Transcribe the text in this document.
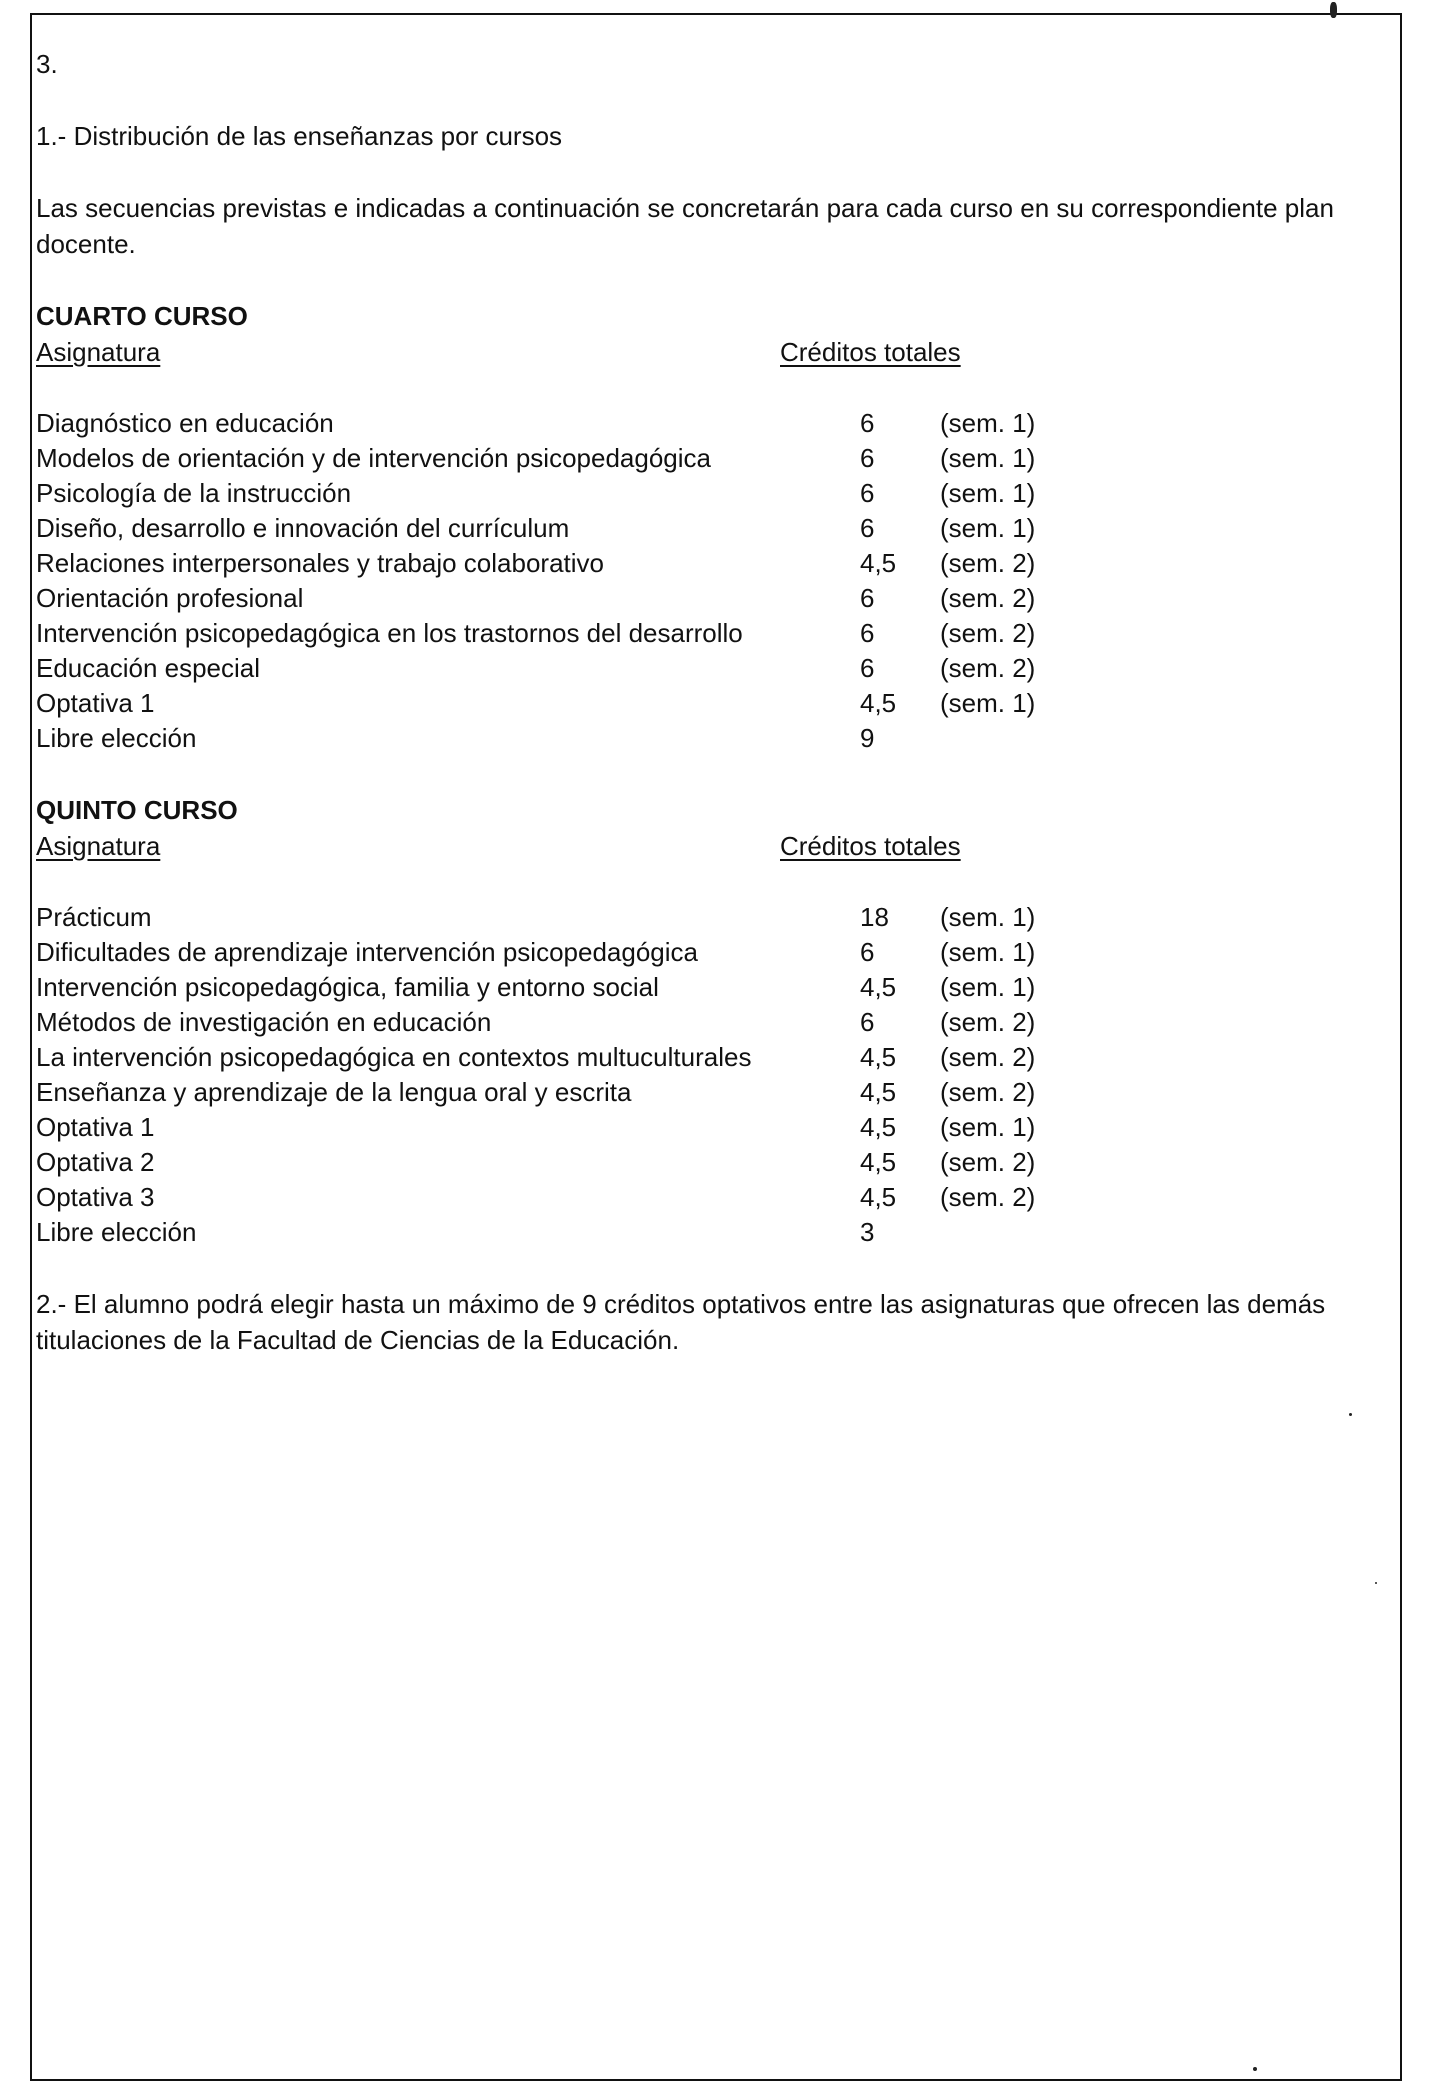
3.

1.- Distribución de las enseñanzas por cursos

Las secuencias previstas e indicadas a continuación se concretarán para cada curso en su correspondiente plan docente.

CUARTO CURSO

Asignatura	Créditos totales
Diagnóstico en educación	6	(sem. 1)
Modelos de orientación y de intervención psicopedagógica	6	(sem. 1)
Psicología de la instrucción	6	(sem. 1)
Diseño, desarrollo e innovación del currículum	6	(sem. 1)
Relaciones interpersonales y trabajo colaborativo	4,5 (sem. 2)
Orientación profesional	6	(sem. 2)
Intervención psicopedagógica en los trastornos del desarrollo	6	(sem. 2)
Educación especial	6	(sem. 2)
Optativa 1	4,5 (sem. 1)
Libre elección	9

QUINTO CURSO

Asignatura	Créditos totales
Prácticum	18 (sem. 1)
Dificultades de aprendizaje intervención psicopedagógica	6	(sem. 1)
Intervención psicopedagógica, familia y entorno social	4,5 (sem. 1)
Métodos de investigación en educación	6	(sem. 2)
La intervención psicopedagógica en contextos multuculturales	4,5 (sem. 2)
Enseñanza y aprendizaje de la lengua oral y escrita	4,5 (sem. 2)
Optativa 1	4,5 (sem. 1)
Optativa 2	4,5 (sem. 2)
Optativa 3	4,5 (sem. 2)
Libre elección	3

2.- El alumno podrá elegir hasta un máximo de 9 créditos optativos entre las asignaturas que ofrecen las demás titulaciones de la Facultad de Ciencias de la Educación.
